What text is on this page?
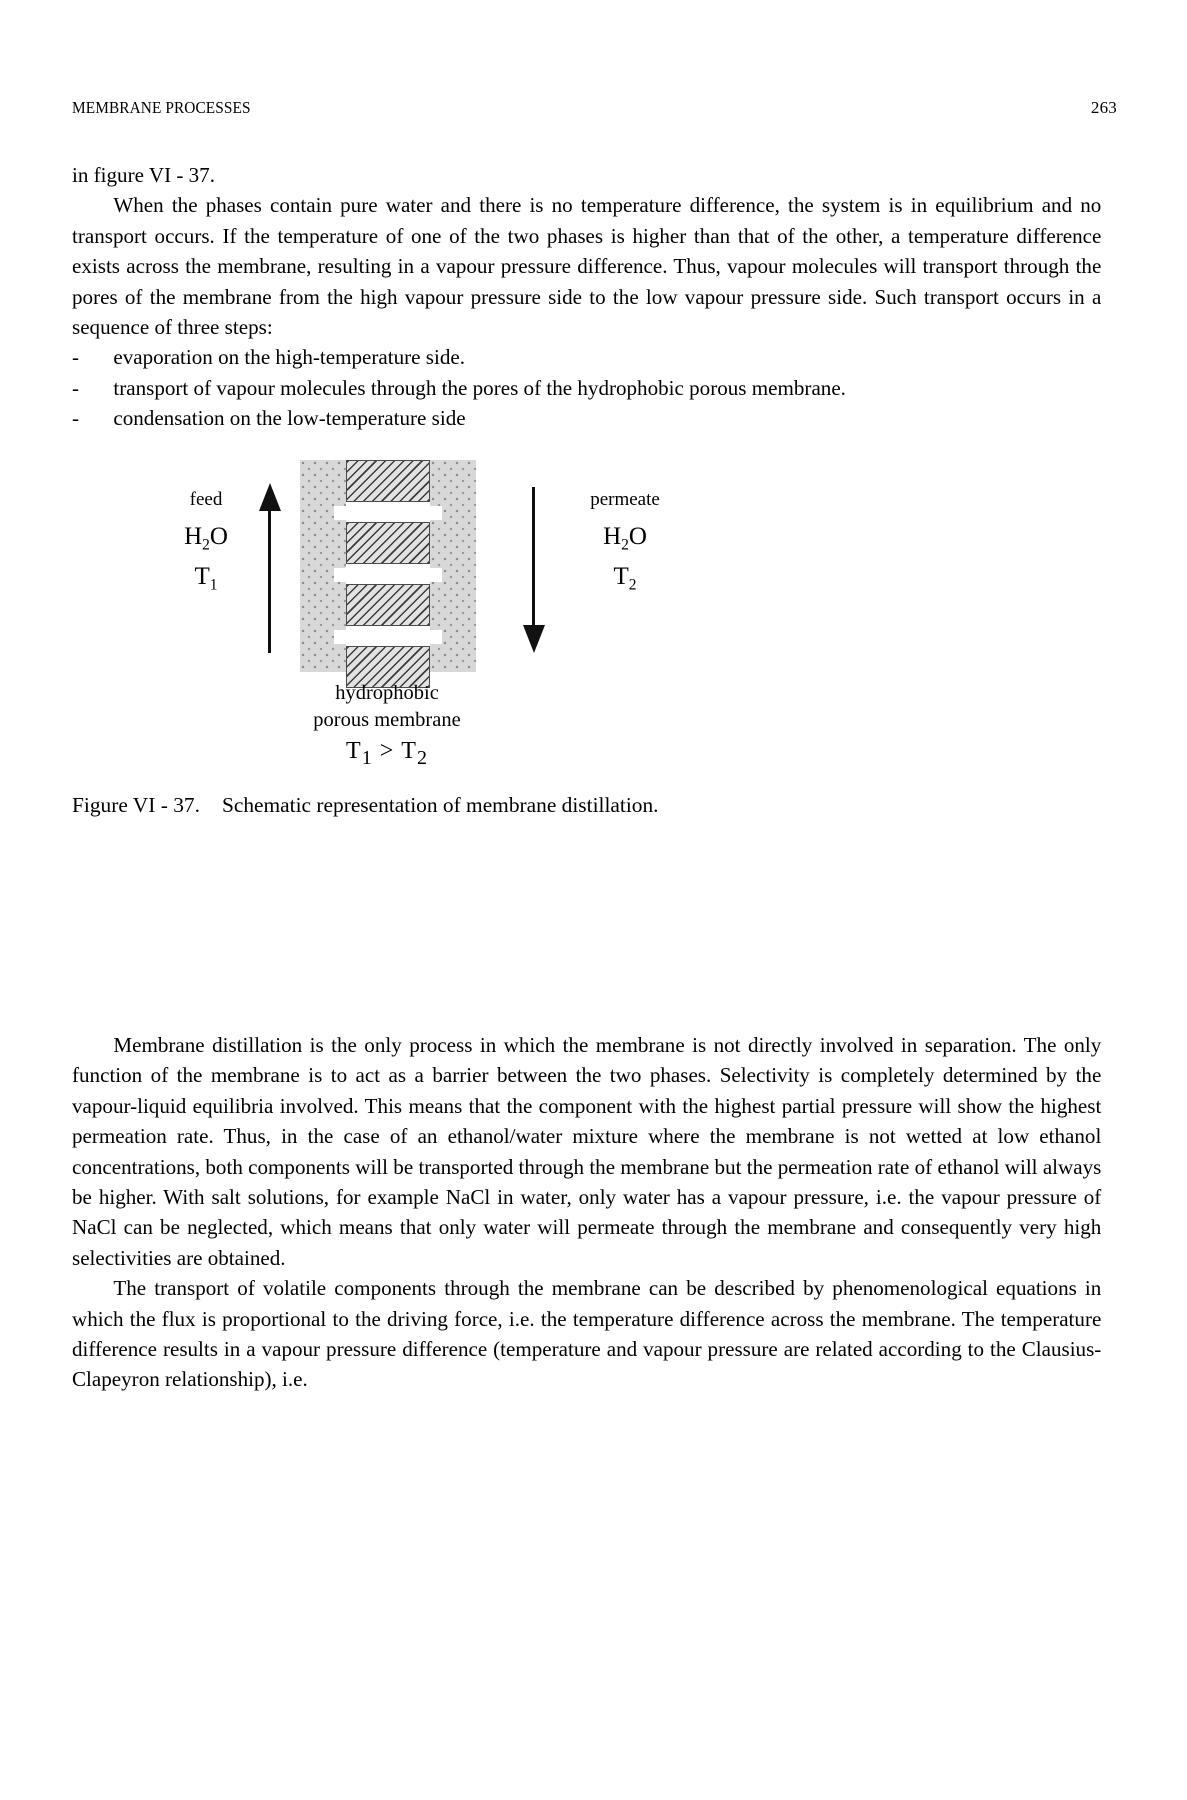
MEMBRANE PROCESSES	263

in figure VI - 37.

When the phases contain pure water and there is no temperature difference, the system is in equilibrium and no transport occurs. If the temperature of one of the two phases is higher than that of the other, a temperature difference exists across the membrane, resulting in a vapour pressure difference. Thus, vapour molecules will transport through the pores of the membrane from the high vapour pressure side to the low vapour pressure side. Such transport occurs in a sequence of three steps:

-	evaporation on the high-temperature side.
-	transport of vapour molecules through the pores of the hydrophobic porous membrane.
-	condensation on the low-temperature side
feed
$H_2O$
$T_1$
permeate
$H_2O$
$T_2$
hydrophobic
porous membrane
$T_1 > T_2$
Figure VI - 37. Schematic representation of membrane distillation.

Membrane distillation is the only process in which the membrane is not directly involved in separation. The only function of the membrane is to act as a barrier between the two phases. Selectivity is completely determined by the vapour-liquid equilibria involved. This means that the component with the highest partial pressure will show the highest permeation rate. Thus, in the case of an ethanol/water mixture where the membrane is not wetted at low ethanol concentrations, both components will be transported through the membrane but the permeation rate of ethanol will always be higher. With salt solutions, for example NaCl in water, only water has a vapour pressure, i.e. the vapour pressure of NaCl can be neglected, which means that only water will permeate through the membrane and consequently very high selectivities are obtained.

The transport of volatile components through the membrane can be described by phenomenological equations in which the flux is proportional to the driving force, i.e. the temperature difference across the membrane. The temperature difference results in a vapour pressure difference (temperature and vapour pressure are related according to the Clausius-Clapeyron relationship), i.e.
